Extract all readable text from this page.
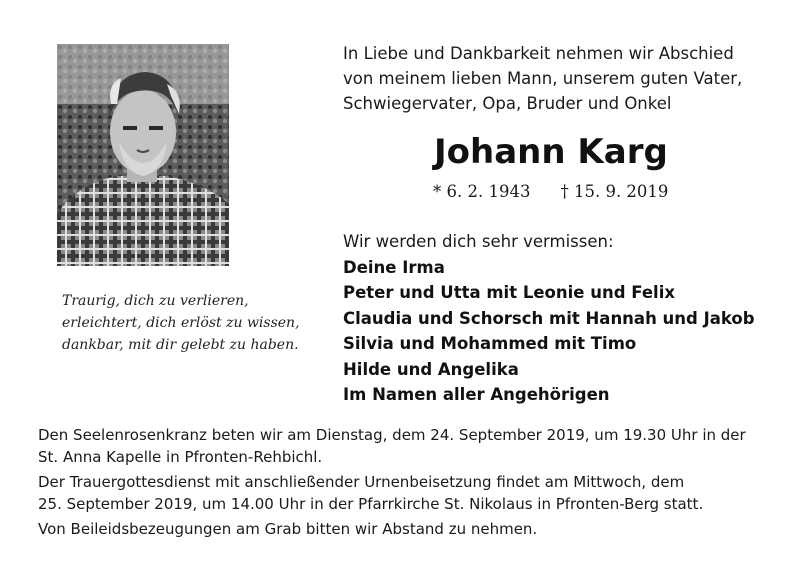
Traurig, dich zu verlieren,
erleichtert, dich erlöst zu wissen,
dankbar, mit dir gelebt zu haben.
In Liebe und Dankbarkeit nehmen wir Abschied
von meinem lieben Mann, unserem guten Vater,
Schwiegervater, Opa, Bruder und Onkel
Johann Karg
* 6. 2. 1943 † 15. 9. 2019
Wir werden dich sehr vermissen:
Deine Irma
Peter und Utta mit Leonie und Felix
Claudia und Schorsch mit Hannah und Jakob
Silvia und Mohammed mit Timo
Hilde und Angelika
Im Namen aller Angehörigen

Den Seelenrosenkranz beten wir am Dienstag, dem 24. September 2019, um 19.30 Uhr in der
St. Anna Kapelle in Pfronten-Rehbichl.

Der Trauergottesdienst mit anschließender Urnenbeisetzung findet am Mittwoch, dem
25. September 2019, um 14.00 Uhr in der Pfarrkirche St. Nikolaus in Pfronten-Berg statt.

Von Beileidsbezeugungen am Grab bitten wir Abstand zu nehmen.
